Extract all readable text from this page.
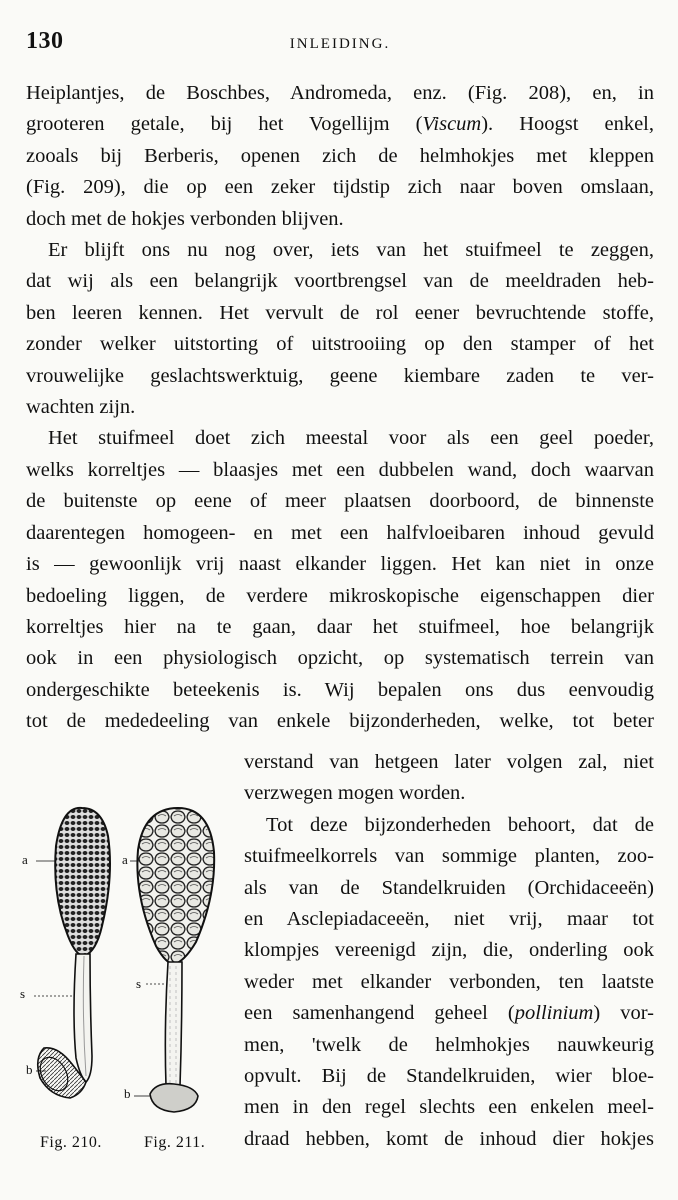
130	INLEIDING.

Heiplantjes, de Boschbes, Andromeda, enz. (Fig. 208), en, in
grooteren getale, bij het Vogellijm (Viscum). Hoogst enkel,
zooals bij Berberis, openen zich de helmhokjes met kleppen
(Fig. 209), die op een zeker tijdstip zich naar boven omslaan,
doch met de hokjes verbonden blijven.

Er blijft ons nu nog over, iets van het stuifmeel te zeggen,
dat wij als een belangrijk voortbrengsel van de meeldraden heb-
ben leeren kennen. Het vervult de rol eener bevruchtende stoffe,
zonder welker uitstorting of uitstrooiing op den stamper of het
vrouwelijke geslachtswerktuig, geene kiembare zaden te ver-
wachten zijn.

Het stuifmeel doet zich meestal voor als een geel poeder,
welks korreltjes — blaasjes met een dubbelen wand, doch waarvan
de buitenste op eene of meer plaatsen doorboord, de binnenste
daarentegen homogeen- en met een halfvloeibaren inhoud gevuld
is — gewoonlijk vrij naast elkander liggen. Het kan niet in onze
bedoeling liggen, de verdere mikroskopische eigenschappen dier
korreltjes hier na te gaan, daar het stuifmeel, hoe belangrijk
ook in een physiologisch opzicht, op systematisch terrein van
ondergeschikte beteekenis is. Wij bepalen ons dus eenvoudig
tot de mededeeling van enkele bijzonderheden, welke, tot beter

verstand van hetgeen later volgen zal, niet
verzwegen mogen worden.

Tot deze bijzonderheden behoort, dat de
stuifmeelkorrels van sommige planten, zoo-
als van de Standelkruiden (Orchidaceeën)
en Asclepiadaceeën, niet vrij, maar tot
klompjes vereenigd zijn, die, onderling ook
weder met elkander verbonden, ten laatste
een samenhangend geheel (pollinium) vor-
men, 'twelk de helmhokjes nauwkeurig
opvult. Bij de Standelkruiden, wier bloe-
men in den regel slechts een enkelen meel-
draad hebben, komt de inhoud dier hokjes

a
s
b
a
s
b
Fig. 210.	Fig. 211.
